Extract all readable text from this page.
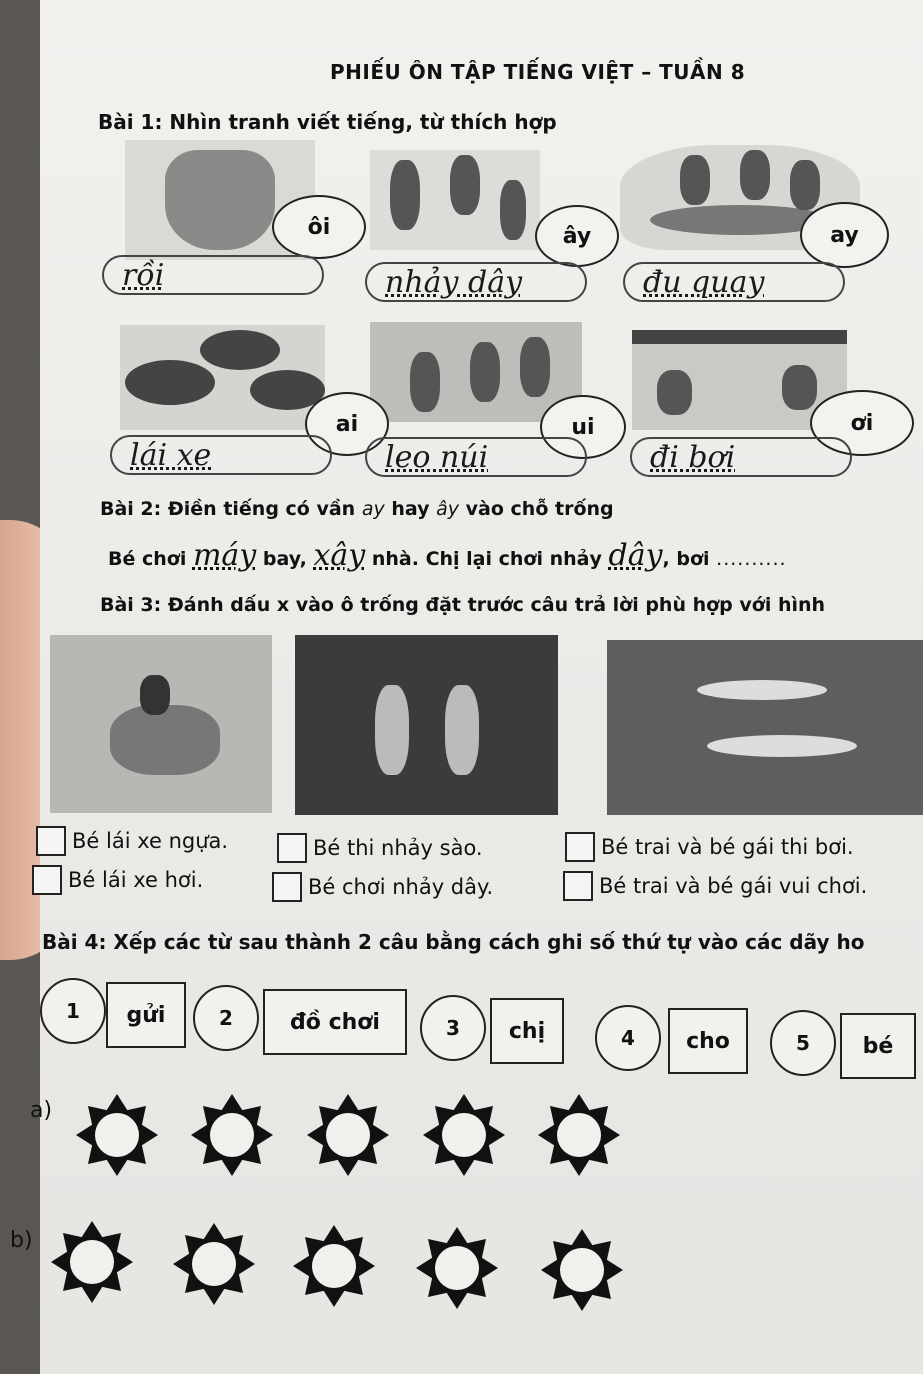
PHIẾU ÔN TẬP TIẾNG VIỆT – TUẦN 8
Bài 1: Nhìn tranh viết tiếng, từ thích hợp
ôi	ây	ay
rồi	nhảy dây	đu quay
ai	ui	ơi
lái xe	leo núi	đi bơi
Bài 2: Điền tiếng có vần ay hay ây vào chỗ trống
Bé chơi máy bay, xây nhà. Chị lại chơi nhảy dây, bơi ..........
Bài 3: Đánh dấu x vào ô trống đặt trước câu trả lời phù hợp với hình
Bé lái xe ngựa.
Bé lái xe hơi.
Bé thi nhảy sào.
Bé chơi nhảy dây.
Bé trai và bé gái thi bơi.
Bé trai và bé gái vui chơi.
Bài 4: Xếp các từ sau thành 2 câu bằng cách ghi số thứ tự vào các dãy ho
1	gửi	2	đồ chơi	3	chị	4	cho	5	bé
a)
b)
